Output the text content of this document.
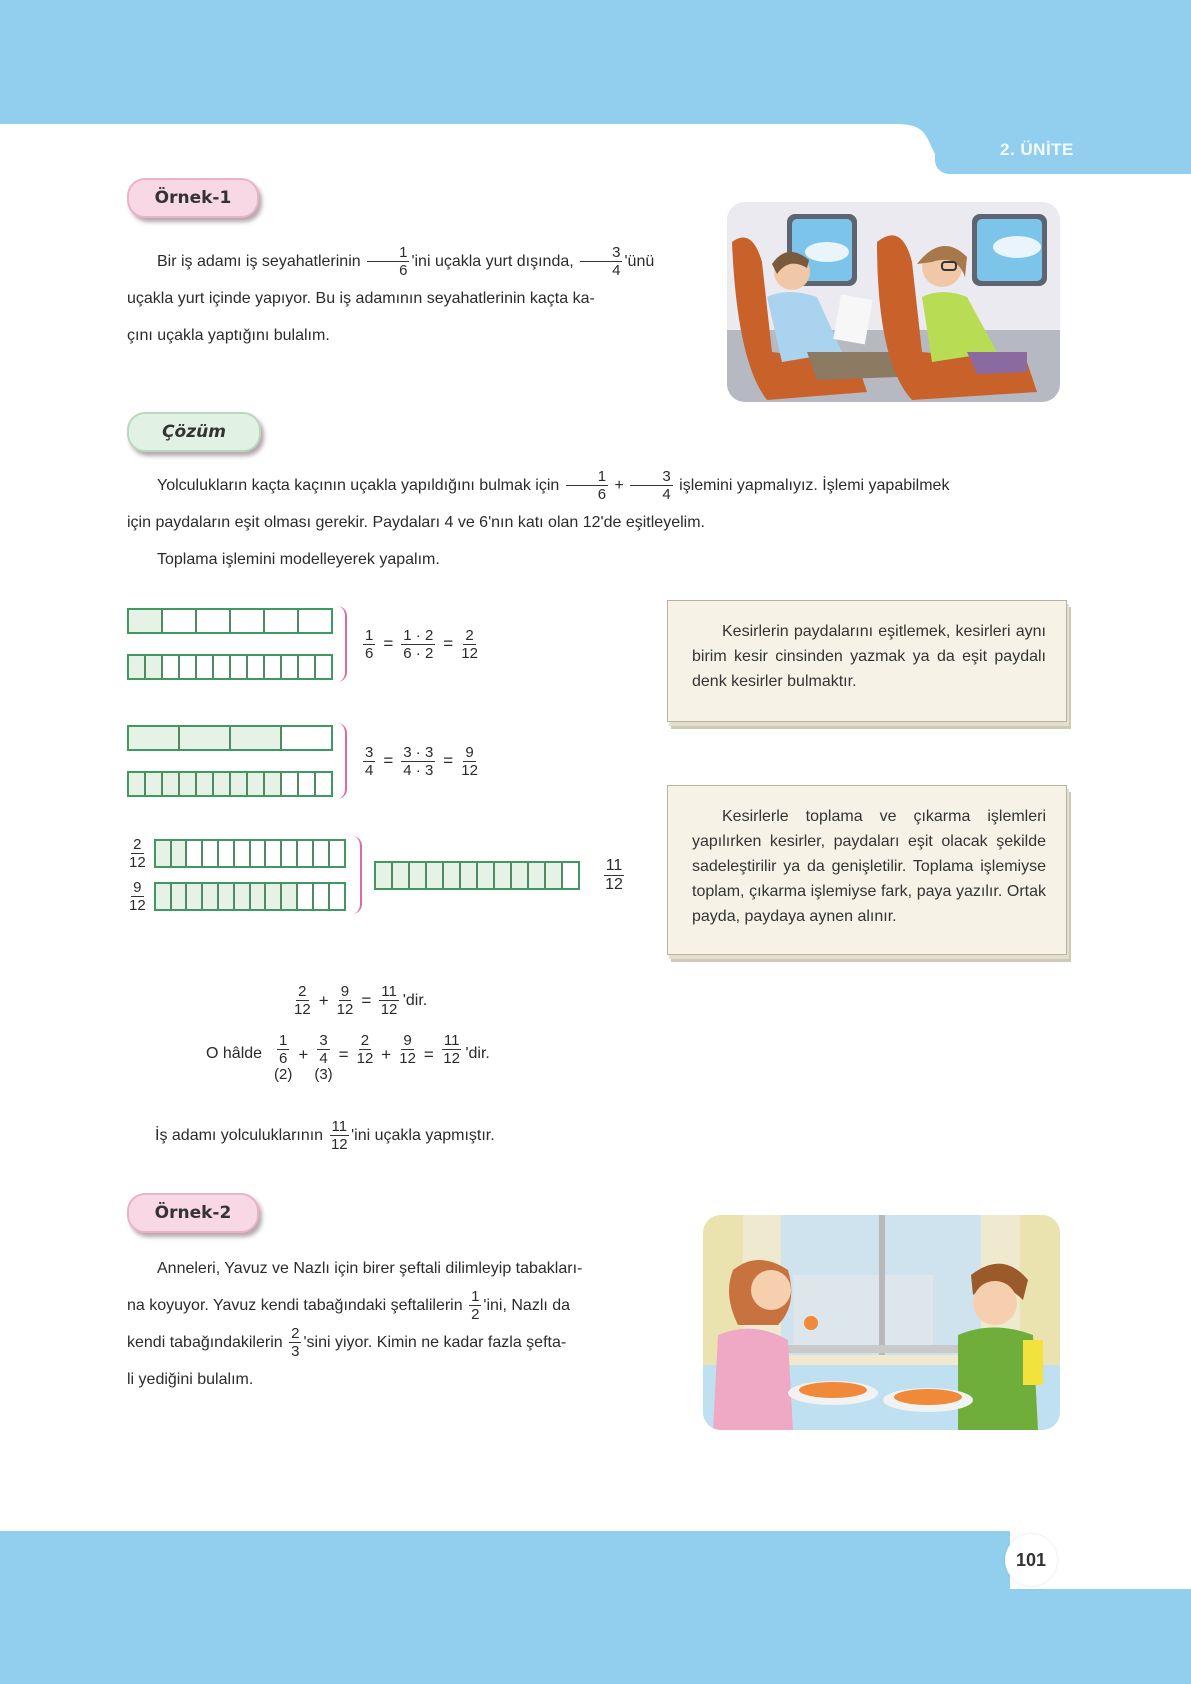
2. ÜNİTE
Örnek-1
Bir iş adamı iş seyahatlerinin $\frac{1}{6}$ 'ini uçakla yurt dışında, $\frac{3}{4}$ 'ünü
uçakla yurt içinde yapıyor. Bu iş adamının seyahatlerinin kaçta ka-
çını uçakla yaptığını bulalım.
Çözüm
Yolculukların kaçta kaçının uçakla yapıldığını bulmak için $\frac{1}{6} + \frac{3}{4}$ işlemini yapmalıyız. İşlemi yapabilmek
için paydaların eşit olması gerekir. Paydaları 4 ve 6'nın katı olan 12'de eşitleyelim.
Toplama işlemini modelleyerek yapalım.
$\frac{1}{6} = \frac{1 \cdot 2}{6 \cdot 2} = \frac{2}{12}$
$\frac{3}{4} = \frac{3 \cdot 3}{4 \cdot 3} = \frac{9}{12}$
$\frac{2}{12}$
$\frac{9}{12}$
$\frac{11}{12}$
Kesirlerin paydalarını eşitlemek, kesirleri aynı birim kesir cinsinden yazmak ya da eşit paydalı denk kesirler bulmaktır.
Kesirlerle toplama ve çıkarma işlemleri yapılırken kesirler, paydaları eşit olacak şekilde sadeleştirilir ya da genişletilir. Toplama işlemiyse toplam, çıkarma işlemiyse fark, paya yazılır. Ortak payda, paydaya aynen alınır.
$\frac{2}{12} + \frac{9}{12} = \frac{11}{12}$ 'dir.
O hâlde $\frac{1}{6}$
(2)
+ $\frac{3}{4}$
(3)
= $\frac{2}{12} + \frac{9}{12} = \frac{11}{12}$ 'dir.
İş adamı yolculuklarının $\frac{11}{12}$ 'ini uçakla yapmıştır.
Örnek-2
Anneleri, Yavuz ve Nazlı için birer şeftali dilimleyip tabakları-
na koyuyor. Yavuz kendi tabağındaki şeftalilerin $\frac{1}{2}$ 'ini, Nazlı da
kendi tabağındakilerin $\frac{2}{3}$ 'sini yiyor. Kimin ne kadar fazla şefta-
li yediğini bulalım.
101
